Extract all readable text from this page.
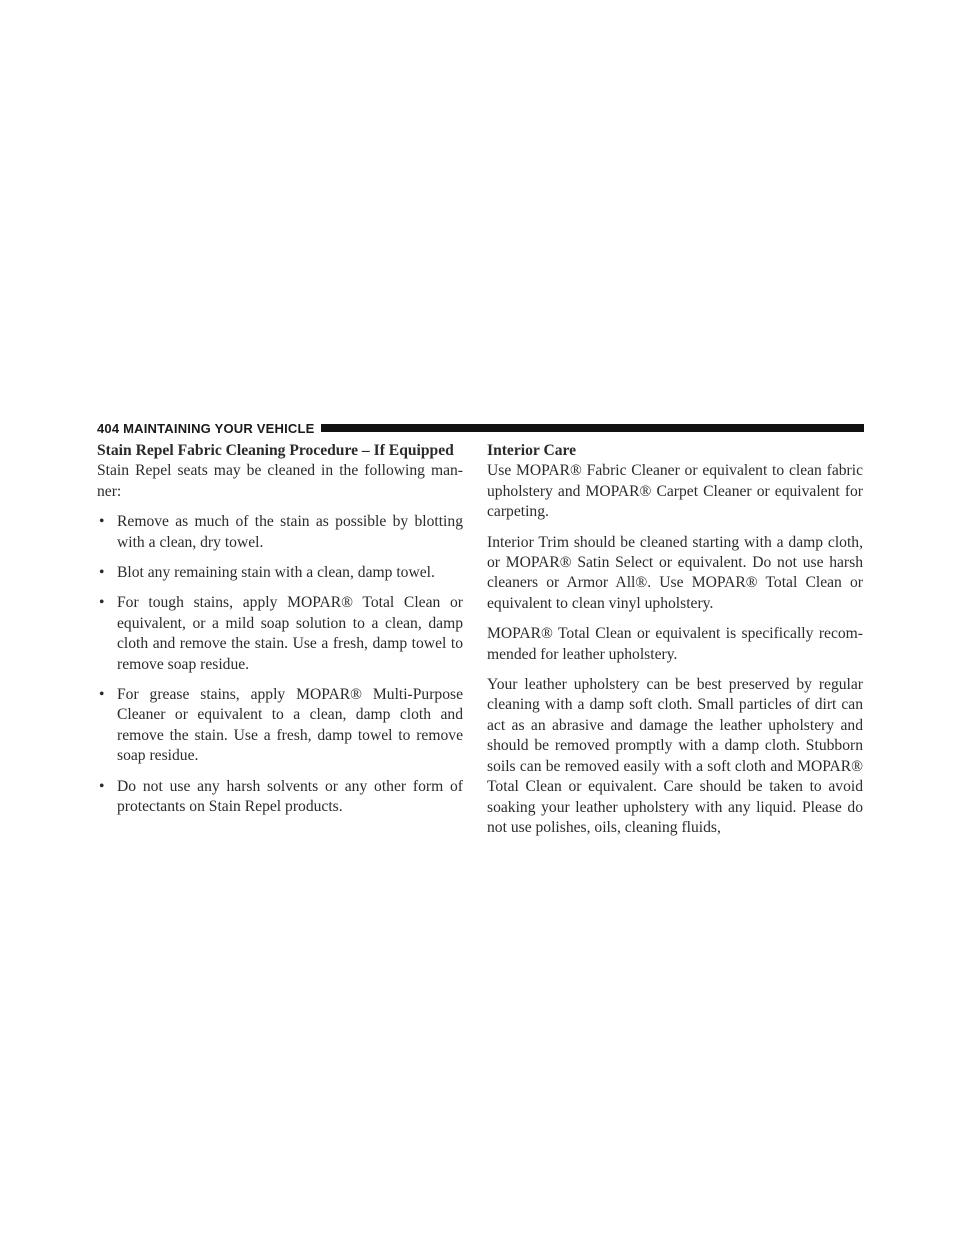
404 MAINTAINING YOUR VEHICLE
Stain Repel Fabric Cleaning Procedure – If Equipped

Stain Repel seats may be cleaned in the following man-ner:

• Remove as much of the stain as possible by blotting with a clean, dry towel.
• Blot any remaining stain with a clean, damp towel.
• For tough stains, apply MOPAR® Total Clean or equivalent, or a mild soap solution to a clean, damp cloth and remove the stain. Use a fresh, damp towel to remove soap residue.
• For grease stains, apply MOPAR® Multi-Purpose Cleaner or equivalent to a clean, damp cloth and remove the stain. Use a fresh, damp towel to remove soap residue.
• Do not use any harsh solvents or any other form of protectants on Stain Repel products.
Interior Care

Use MOPAR® Fabric Cleaner or equivalent to clean fabric upholstery and MOPAR® Carpet Cleaner or equivalent for carpeting.

Interior Trim should be cleaned starting with a damp cloth, or MOPAR® Satin Select or equivalent. Do not use harsh cleaners or Armor All®. Use MOPAR® Total Clean or equivalent to clean vinyl upholstery.

MOPAR® Total Clean or equivalent is specifically recom-mended for leather upholstery.

Your leather upholstery can be best preserved by regular cleaning with a damp soft cloth. Small particles of dirt can act as an abrasive and damage the leather upholstery and should be removed promptly with a damp cloth. Stubborn soils can be removed easily with a soft cloth and MOPAR® Total Clean or equivalent. Care should be taken to avoid soaking your leather upholstery with any liquid. Please do not use polishes, oils, cleaning fluids,
